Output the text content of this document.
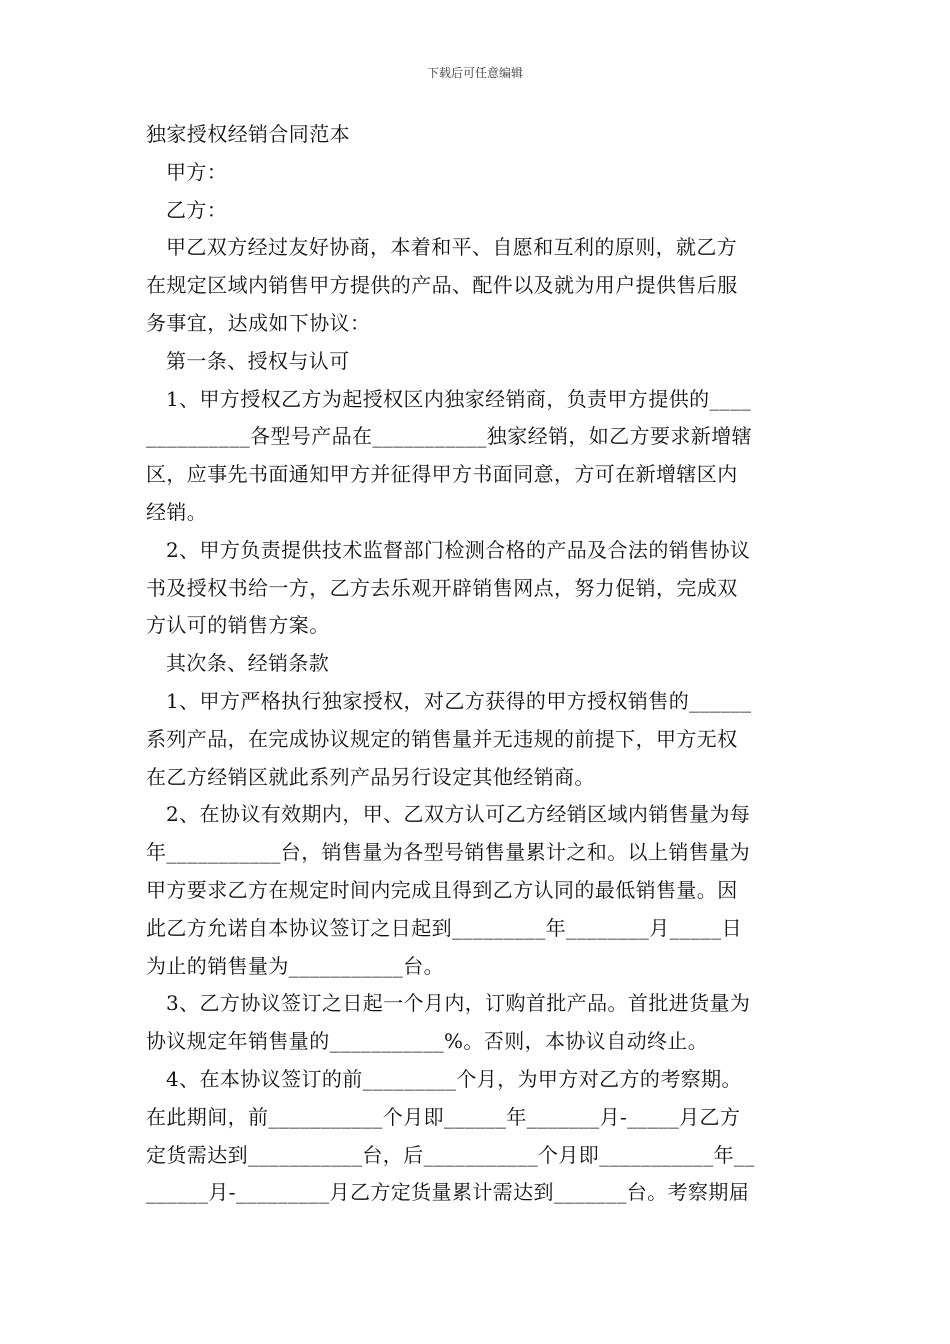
下载后可任意编辑

独家授权经销合同范本

甲方：

乙方：

甲乙双方经过友好协商，本着和平、自愿和互利的原则，就乙方

在规定区域内销售甲方提供的产品、配件以及就为用户提供售后服

务事宜，达成如下协议：

第一条、授权与认可

1、甲方授权乙方为起授权区内独家经销商，负责甲方提供的____

__________各型号产品在___________独家经销，如乙方要求新增辖

区，应事先书面通知甲方并征得甲方书面同意，方可在新增辖区内

经销。

2、甲方负责提供技术监督部门检测合格的产品及合法的销售协议

书及授权书给一方，乙方去乐观开辟销售网点，努力促销，完成双

方认可的销售方案。

其次条、经销条款

1、甲方严格执行独家授权，对乙方获得的甲方授权销售的______

系列产品，在完成协议规定的销售量并无违规的前提下，甲方无权

在乙方经销区就此系列产品另行设定其他经销商。

2、在协议有效期内，甲、乙双方认可乙方经销区域内销售量为每

年___________台，销售量为各型号销售量累计之和。以上销售量为

甲方要求乙方在规定时间内完成且得到乙方认同的最低销售量。因

此乙方允诺自本协议签订之日起到_________年________月_____日

为止的销售量为___________台。

3、乙方协议签订之日起一个月内，订购首批产品。首批进货量为

协议规定年销售量的___________%。否则，本协议自动终止。

4、在本协议签订的前_________个月，为甲方对乙方的考察期。

在此期间，前___________个月即______年_______月-_____月乙方

定货需达到___________台，后___________个月即___________年__

______月-_________月乙方定货量累计需达到_______台。考察期届
